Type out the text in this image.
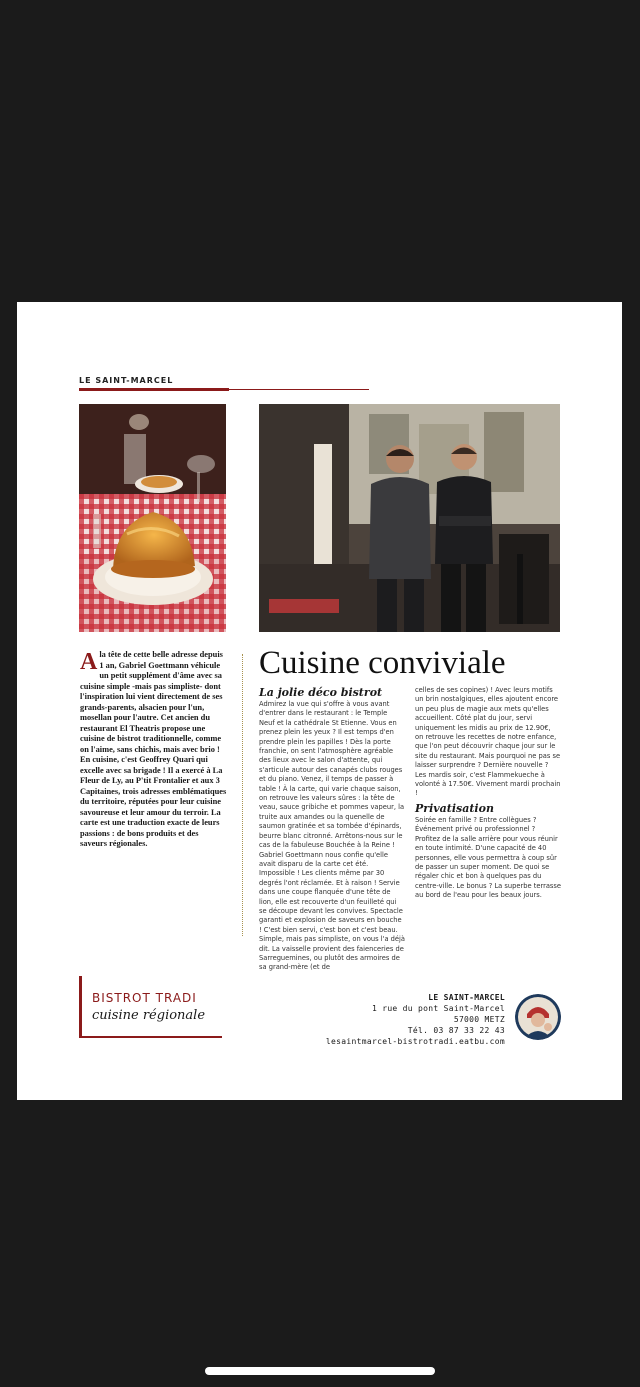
LE SAINT-MARCEL
Ala tête de cette belle adresse depuis 1 an, Gabriel Goettmann véhicule un petit supplément d'âme avec sa cuisine simple -mais pas simpliste- dont l'inspiration lui vient directement de ses grands-parents, alsacien pour l'un, mosellan pour l'autre. Cet ancien du restaurant El Theatris propose une cuisine de bistrot traditionnelle, comme on l'aime, sans chichis, mais avec brio ! En cuisine, c'est Geoffrey Quari qui excelle avec sa brigade ! Il a exercé à La Fleur de Ly, au P'tit Frontalier et aux 3 Capitaines, trois adresses emblématiques du territoire, réputées pour leur cuisine savoureuse et leur amour du terroir. La carte est une traduction exacte de leurs passions : de bons produits et des saveurs régionales.
Cuisine conviviale

La jolie déco bistrot

Admirez la vue qui s'offre à vous avant d'entrer dans le restaurant : le Temple Neuf et la cathédrale St Etienne. Vous en prenez plein les yeux ? Il est temps d'en prendre plein les papilles ! Dès la porte franchie, on sent l'atmosphère agréable des lieux avec le salon d'attente, qui s'articule autour des canapés clubs rouges et du piano. Venez, il temps de passer à table ! À la carte, qui varie chaque saison, on retrouve les valeurs sûres : la tête de veau, sauce gribiche et pommes vapeur, la truite aux amandes ou la quenelle de saumon gratinée et sa tombée d'épinards, beurre blanc citronné. Arrêtons-nous sur le cas de la fabuleuse Bouchée à la Reine ! Gabriel Goettmann nous confie qu'elle avait disparu de la carte cet été. Impossible ! Les clients même par 30 degrés l'ont réclamée. Et à raison ! Servie dans une coupe flanquée d'une tête de lion, elle est recouverte d'un feuilleté qui se découpe devant les convives. Spectacle garanti et explosion de saveurs en bouche ! C'est bien servi, c'est bon et c'est beau. Simple, mais pas simpliste, on vous l'a déjà dit. La vaisselle provient des faienceries de Sarreguemines, ou plutôt des armoires de sa grand-mère (et de

celles de ses copines) ! Avec leurs motifs un brin nostalgiques, elles ajoutent encore un peu plus de magie aux mets qu'elles accueillent. Côté plat du jour, servi uniquement les midis au prix de 12.90€, on retrouve les recettes de notre enfance, que l'on peut découvrir chaque jour sur le site du restaurant. Mais pourquoi ne pas se laisser surprendre ? Dernière nouvelle ? Les mardis soir, c'est Flammekueche à volonté à 17.50€. Vivement mardi prochain !

Privatisation

Soirée en famille ? Entre collègues ? Événement privé ou professionnel ? Profitez de la salle arrière pour vous réunir en toute intimité. D'une capacité de 40 personnes, elle vous permettra à coup sûr de passer un super moment. De quoi se régaler chic et bon à quelques pas du centre-ville. Le bonus ? La superbe terrasse au bord de l'eau pour les beaux jours.

BISTROT TRADI
cuisine régionale
LE SAINT-MARCEL
1 rue du pont Saint-Marcel
57000 METZ
Tél. 03 87 33 22 43
lesaintmarcel-bistrotradi.eatbu.com
